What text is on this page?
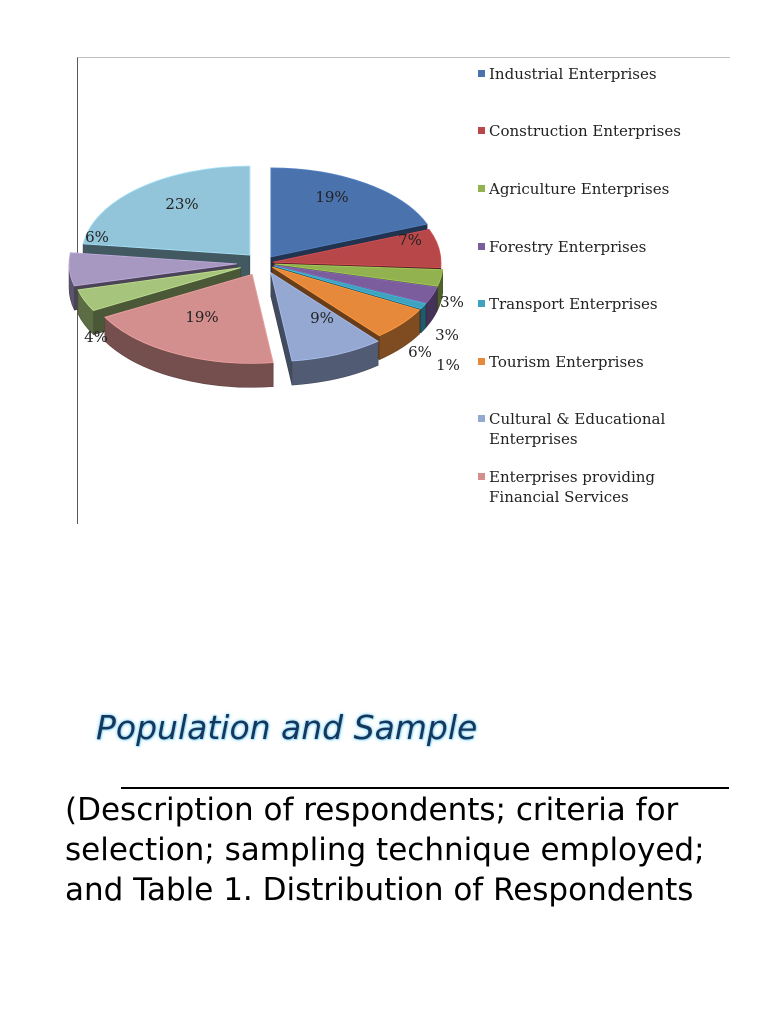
19%
7%
3%
3%
1%
6%
9%
19%
4%
6%
23%
Industrial Enterprises
Construction Enterprises
Agriculture Enterprises
Forestry Enterprises
Transport Enterprises
Tourism Enterprises
Cultural & Educational Enterprises
Enterprises providing Financial Services
Population and Sample

(Description of respondents; criteria for selection; sampling technique employed; and Table 1. Distribution of Respondents
